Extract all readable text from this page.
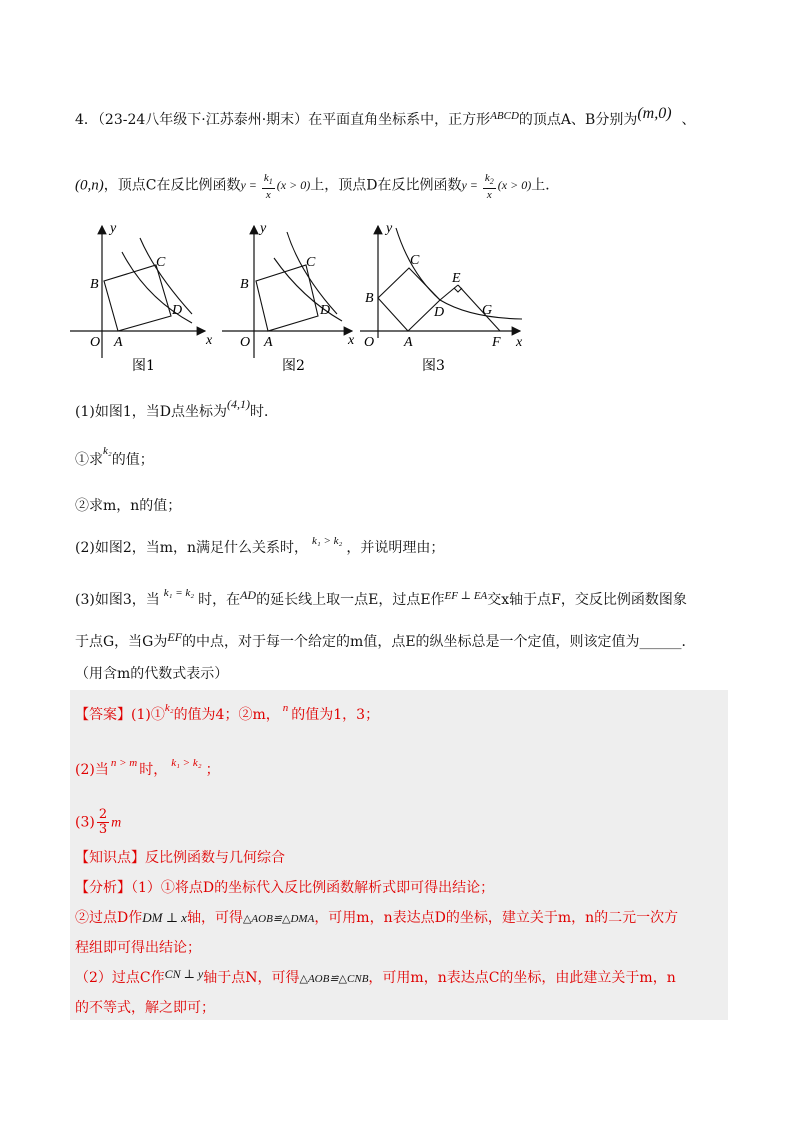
4．（23-24八年级下·江苏泰州·期末）在平面直角坐标系中，正方形$^{ABCD}$的顶点A、B分别为(m,0) 、
(0,n)，顶点C在反比例函数$y = \frac{k_1}{x} (x > 0)$上，顶点D在反比例函数$y = \frac{k_2}{x} (x > 0)$上．
y
x
O A
B
C
D
图1
y
x
O A
B
C
D
图2
y
x
O A
B
C
D
E
F
G
图3
(1)如图1，当D点坐标为(4,1)时．
①求$^{k_2}$的值；
②求m，n的值；
(2)如图2，当m，n满足什么关系时， $^{k_1 > k_2}$ ，并说明理由；
(3)如图3，当 $^{k_1 = k_2}$ 时，在AD的延长线上取一点E，过点E作$^{EF \perp EA}$交x轴于点F，交反比例函数图象
于点G，当G为EF的中点，对于每一个给定的m值，点E的纵坐标总是一个定值，则该定值为______．
（用含m的代数式表示）
【答案】(1)①$^{k_2}$的值为4；②m， $^n$ 的值为1，3；
(2)当 $^{n > m}$ 时， $^{k_1 > k_2}$ ；
$(3) \frac{2}{3}$ m
【知识点】反比例函数与几何综合
【分析】（1）①将点D的坐标代入反比例函数解析式即可得出结论；
②过点D作DM ⊥ x轴，可得△AOB≌△DMA，可用m，n表达点D的坐标，建立关于m，n的二元一次方
程组即可得出结论；
（2）过点C作CN ⊥ y轴于点N，可得△AOB≌△CNB，可用m，n表达点C的坐标，由此建立关于m，n
的不等式，解之即可；
